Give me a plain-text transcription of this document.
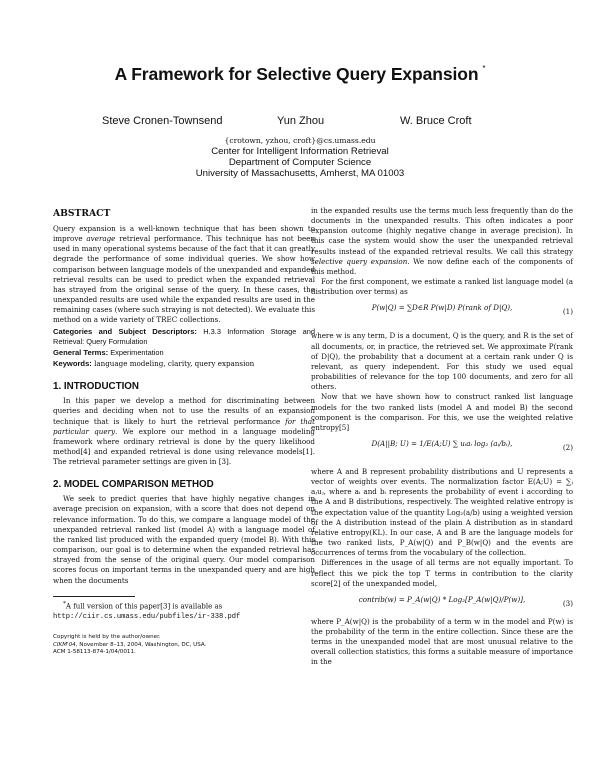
A Framework for Selective Query Expansion *
Steve Cronen-Townsend	Yun Zhou	W. Bruce Croft
{crotown, yzhou, croft}@cs.umass.edu
Center for Intelligent Information Retrieval
Department of Computer Science
University of Massachusetts, Amherst, MA 01003
ABSTRACT

Query expansion is a well-known technique that has been shown to improve average retrieval performance. This technique has not been used in many operational systems because of the fact that it can greatly degrade the performance of some individual queries. We show how comparison between language models of the unexpanded and expanded retrieval results can be used to predict when the expanded retrieval has strayed from the original sense of the query. In these cases, the unexpanded results are used while the expanded results are used in the remaining cases (where such straying is not detected). We evaluate this method on a wide variety of TREC collections.

Categories and Subject Descriptors: H.3.3 Information Storage and Retrieval: Query Formulation

General Terms: Experimentation

Keywords: language modeling, clarity, query expansion

1. INTRODUCTION

In this paper we develop a method for discriminating between queries and deciding when not to use the results of an expansion technique that is likely to hurt the retrieval performance for that particular query. We explore our method in a language modeling framework where ordinary retrieval is done by the query likelihood method[4] and expanded retrieval is done using relevance models[1]. The retrieval parameter settings are given in [3].

2. MODEL COMPARISON METHOD

We seek to predict queries that have highly negative changes in average precision on expansion, with a score that does not depend on relevance information. To do this, we compare a language model of the unexpanded retrieval ranked list (model A) with a language model of the ranked list produced with the expanded query (model B). With this comparison, our goal is to determine when the expanded retrieval has strayed from the sense of the original query. Our model comparison scores focus on important terms in the unexpanded query and are high when the documents

*A full version of this paper[3] is available as
http://ciir.cs.umass.edu/pubfiles/ir-338.pdf

Copyright is held by the author/owner.
CIKM'04, November 8–13, 2004, Washington, DC, USA.
ACM 1-58113-874-1/04/0011.

in the expanded results use the terms much less frequently than do the documents in the unexpanded results. This often indicates a poor expansion outcome (highly negative change in average precision). In this case the system would show the user the unexpanded retrieval results instead of the expanded retrieval results. We call this strategy selective query expansion. We now define each of the components of this method.

For the first component, we estimate a ranked list language model (a distribution over terms) as

P(w|Q) = ∑D∈R P(w|D) P(rank of D|Q),	(1)

where w is any term, D is a document, Q is the query, and R is the set of all documents, or, in practice, the retrieved set. We approximate P(rank of D|Q), the probability that a document at a certain rank under Q is relevant, as query independent. For this study we used equal probabilities of relevance for the top 100 documents, and zero for all others.

Now that we have shown how to construct ranked list language models for the two ranked lists (model A and model B) the second component is the comparison. For this, we use the weighted relative entropy[5]

D(A||B; U) = 1/E(A;U) ∑ uᵢaᵢ log₂ (aᵢ/bᵢ),	(2)

where A and B represent probability distributions and U represents a vector of weights over events. The normalization factor E(A;U) = ∑ⱼ aⱼuⱼ, where aᵢ and bᵢ represents the probability of event i according to the A and B distributions, respectively. The weighted relative entropy is the expectation value of the quantity Log₂(a/b) using a weighted version of the A distribution instead of the plain A distribution as in standard relative entropy(KL). In our case, A and B are the language models for the two ranked lists, P_A(w|Q) and P_B(w|Q) and the events are occurrences of terms from the vocabulary of the collection.

Differences in the usage of all terms are not equally important. To reflect this we pick the top T terms in contribution to the clarity score[2] of the unexpanded model,

contrib(w) = P_A(w|Q) * Log₂[P_A(w|Q)/P(w)],	(3)

where P_A(w|Q) is the probability of a term w in the model and P(w) is the probability of the term in the entire collection. Since these are the terms in the unexpanded model that are most unusual relative to the overall collection statistics, this forms a suitable measure of importance in the
